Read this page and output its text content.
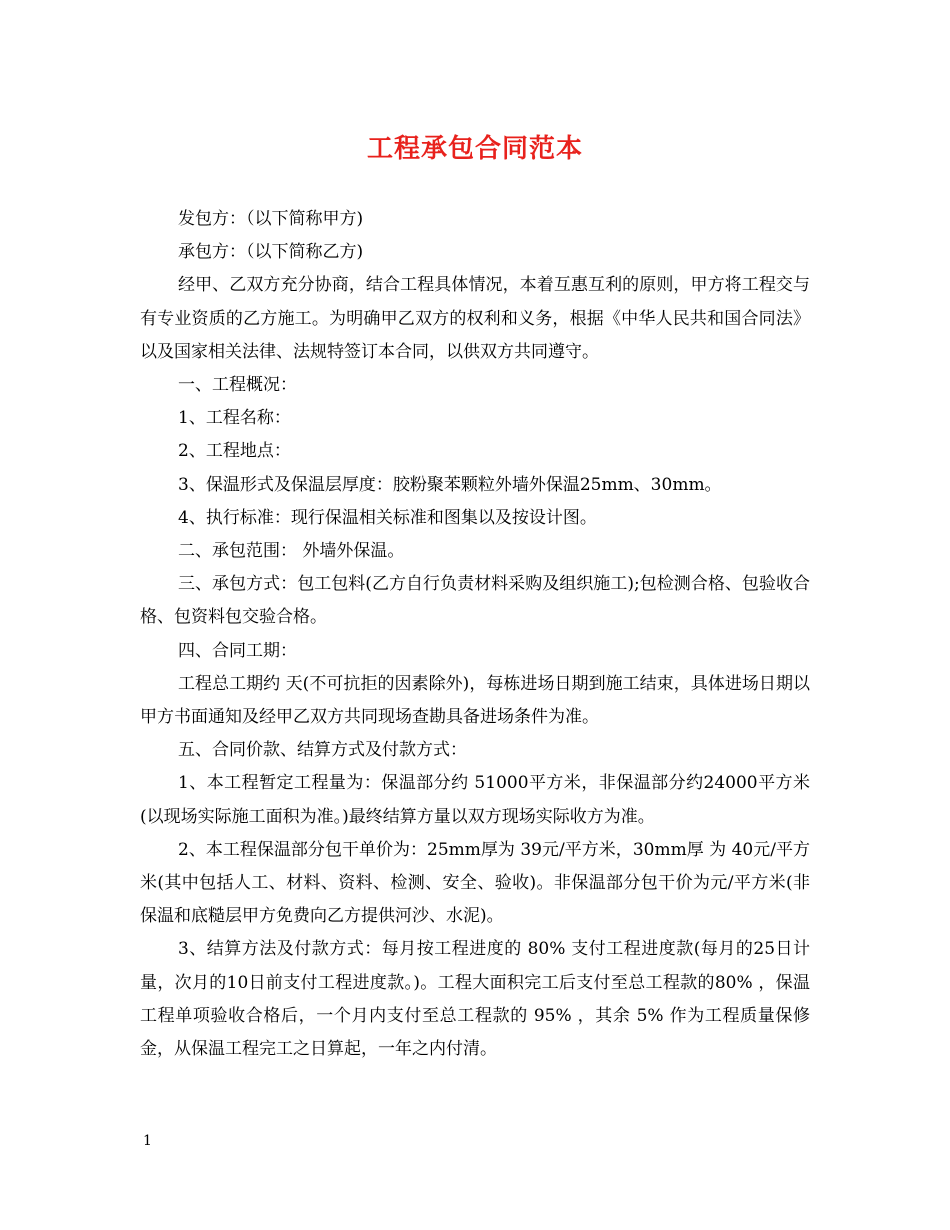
工程承包合同范本

发包方：（以下简称甲方)

承包方：（以下简称乙方)

经甲、乙双方充分协商，结合工程具体情况，本着互惠互利的原则，甲方将工程交与有专业资质的乙方施工。为明确甲乙双方的权利和义务，根据《中华人民共和国合同法》以及国家相关法律、法规特签订本合同，以供双方共同遵守。

一、工程概况：

1、工程名称：

2、工程地点：

3、保温形式及保温层厚度：胶粉聚苯颗粒外墙外保温25mm、30mm。

4、执行标准：现行保温相关标准和图集以及按设计图。

二、承包范围： 外墙外保温。

三、承包方式：包工包料(乙方自行负责材料采购及组织施工);包检测合格、包验收合格、包资料包交验合格。

四、合同工期：

工程总工期约 天(不可抗拒的因素除外)，每栋进场日期到施工结束，具体进场日期以甲方书面通知及经甲乙双方共同现场查勘具备进场条件为准。

五、合同价款、结算方式及付款方式：

1、本工程暂定工程量为：保温部分约 51000平方米，非保温部分约24000平方米(以现场实际施工面积为准。)最终结算方量以双方现场实际收方为准。

2、本工程保温部分包干单价为：25mm厚为 39元/平方米，30mm厚 为 40元/平方米(其中包括人工、材料、资料、检测、安全、验收)。非保温部分包干价为元/平方米(非保温和底糙层甲方免费向乙方提供河沙、水泥)。

3、结算方法及付款方式：每月按工程进度的 80% 支付工程进度款(每月的25日计量，次月的10日前支付工程进度款。)。工程大面积完工后支付至总工程款的80% ，保温工程单项验收合格后，一个月内支付至总工程款的 95% ，其余 5% 作为工程质量保修金，从保温工程完工之日算起，一年之内付清。

1
